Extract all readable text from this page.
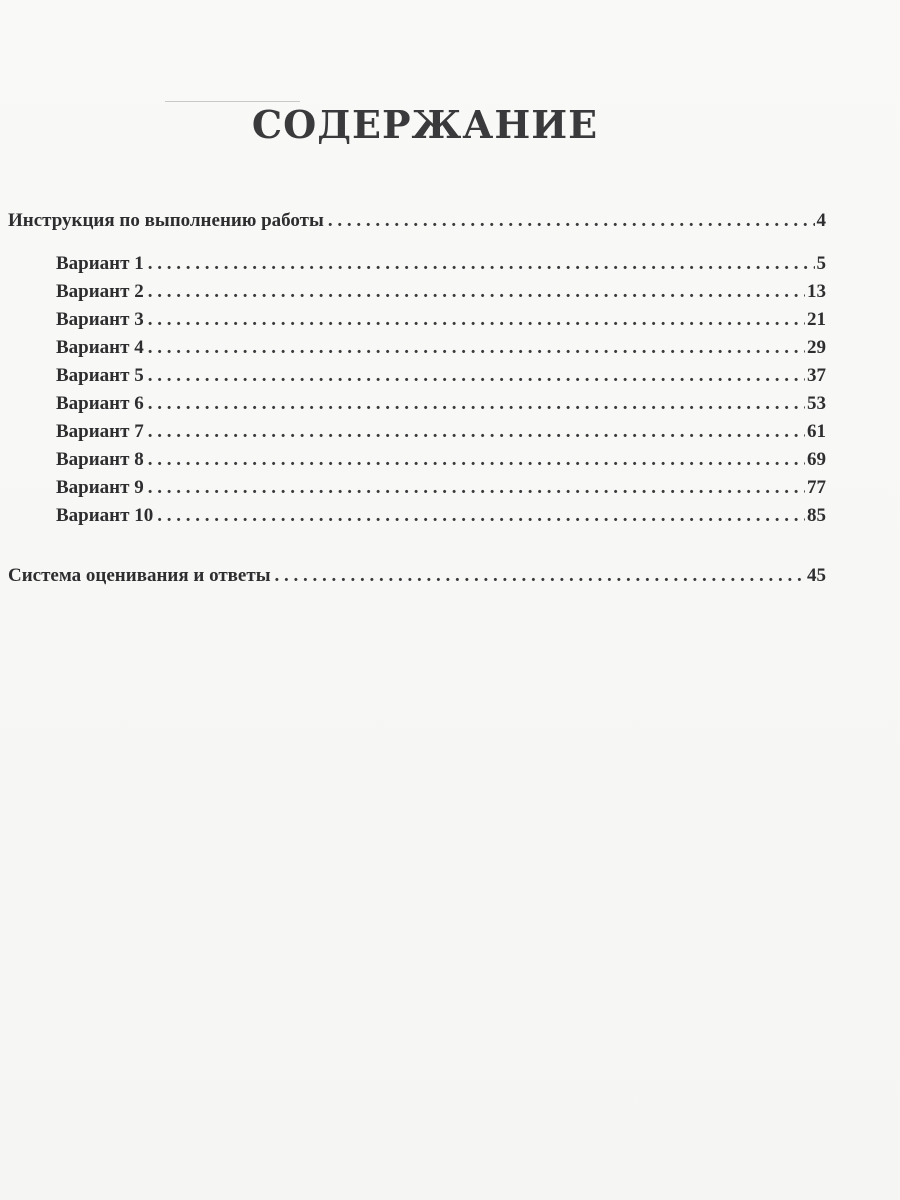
СОДЕРЖАНИЕ
Инструкция по выполнению работы . . .	4
Вариант 1 . . .	5
Вариант 2 . . .	13
Вариант 3 . . .	21
Вариант 4 . . .	29
Вариант 5 . . .	37
Вариант 6 . . .	53
Вариант 7 . . .	61
Вариант 8 . . .	69
Вариант 9 . . .	77
Вариант 10 . . .	85
Система оценивания и ответы . . .	45
